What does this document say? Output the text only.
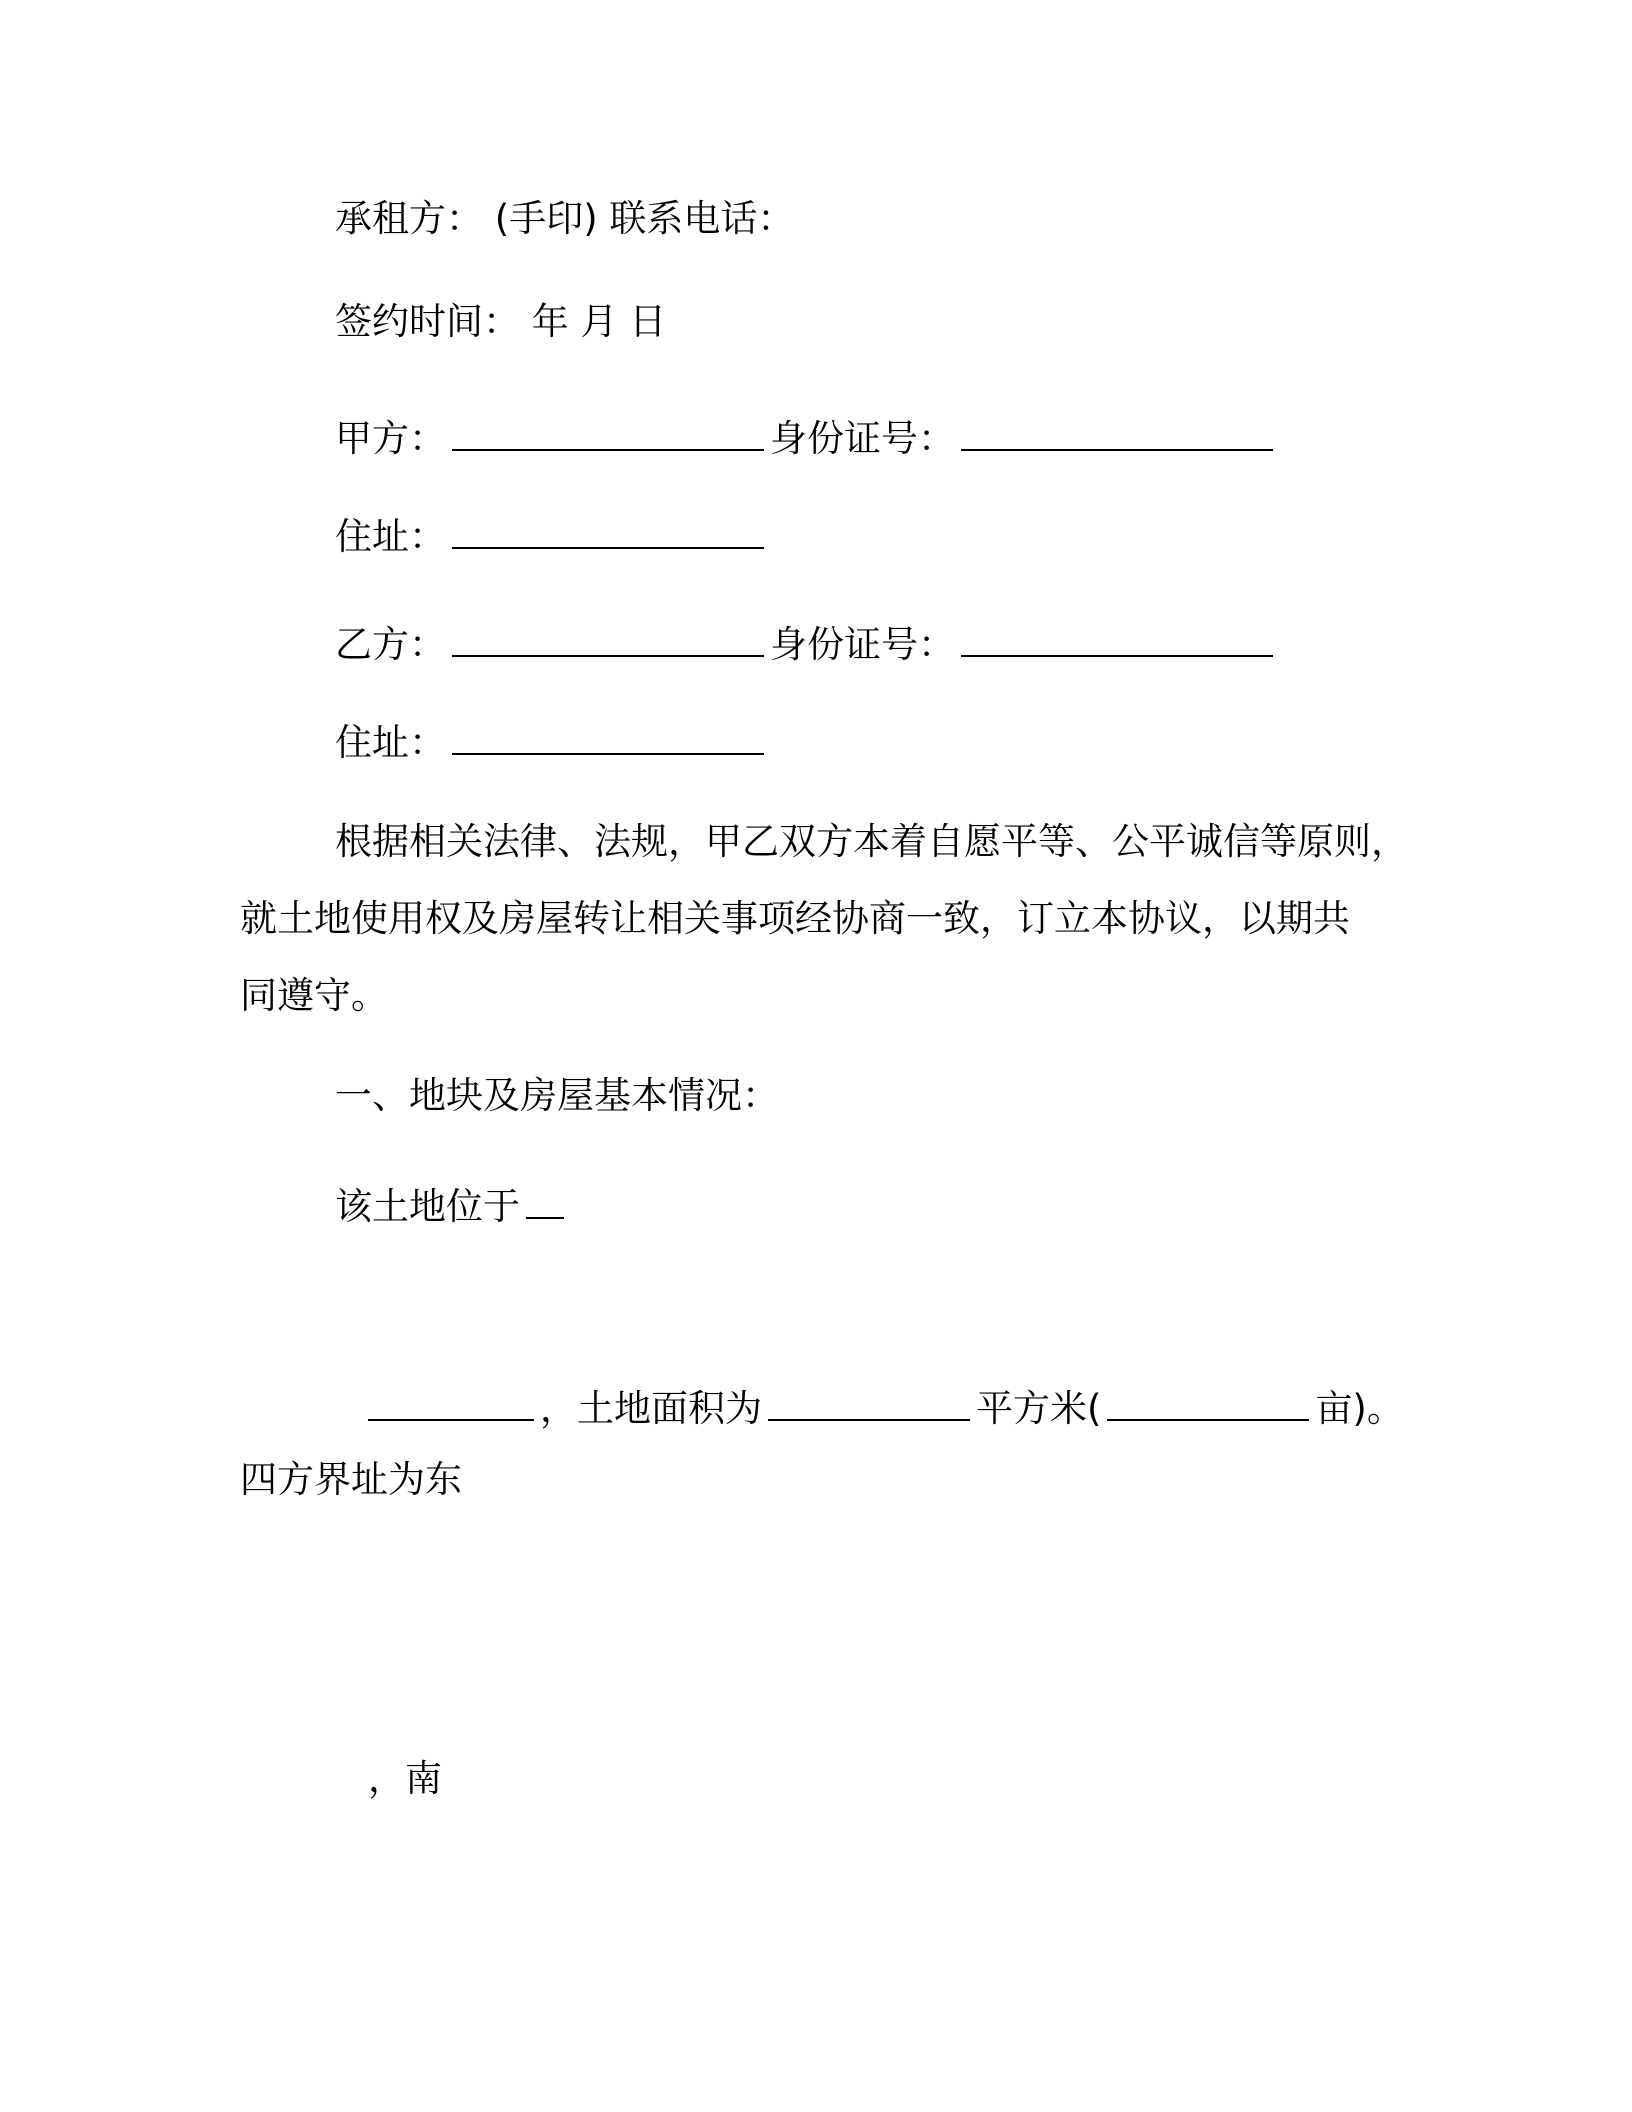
承租方： (手印) 联系电话：
签约时间： 年 月 日
甲方：	身份证号：
住址：
乙方：	身份证号：
住址：
根据相关法律、法规，甲乙双方本着自愿平等、公平诚信等原则，
就土地使用权及房屋转让相关事项经协商一致，订立本协议，以期共
同遵守。
一、地块及房屋基本情况：
该土地位于
，土地面积为	平方米(	亩)。
四方界址为东
，南
